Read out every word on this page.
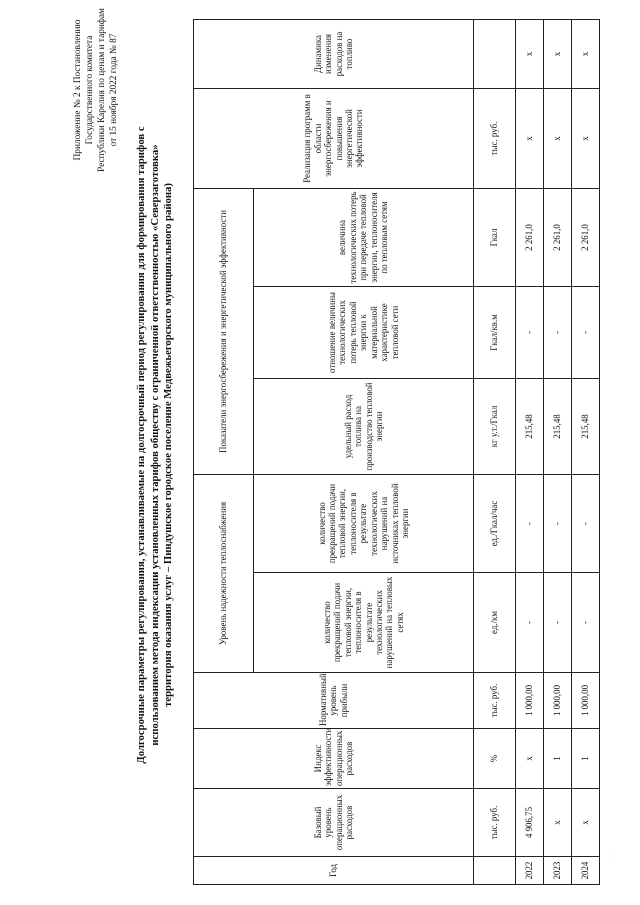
Приложение № 2 к Постановлению Государственного комитета Республики Карелия по ценам и тарифам от 15 ноября 2022 года № 87
Долгосрочные параметры регулирования, устанавливаемые на долгосрочный период регулирования для формирования тарифов с использованием метода индексации установленных тарифов обществу с ограниченной ответственностью «Северзаготовка» территория оказания услуг – Пиндушское городское поселение Медвежьегорского муниципального района)
Год	Базовый уровень операционных расходов	Индекс эффективности операционных расходов	Нормативный уровень прибыли	Уровень надежности теплоснабжения		Показатели энергосбережения и энергетической эффективности			Реализация программ в области энергосбережения и повышения энергетической эффективности	Динамика изменения расходов на топливо
				количество прекращений подачи тепловой энергии, теплоносителя в результате технологических нарушений на тепловых сетях	количество прекращений подачи тепловой энергии, теплоносителя в результате технологических нарушений на источниках тепловой энергии	удельный расход топлива на производство тепловой энергии	отношение величины технологических потерь тепловой энергии к материальной характеристике тепловой сети	величина технологических потерь при передаче тепловой энергии, теплоносителя по тепловым сетям		
	тыс. руб.	%	тыс. руб.	ед./км	ед./Гкал/час	кг у.т./Гкал	Гкал/кв.м	Гкал	тыс. руб.	
2022	4 906,75	x	1 000,00	-	-	215,48	-	2 261,0	x	x
2023	x	1	1 000,00	-	-	215,48	-	2 261,0	x	x
2024	x	1	1 000,00	-	-	215,48	-	2 261,0	x	x
·
